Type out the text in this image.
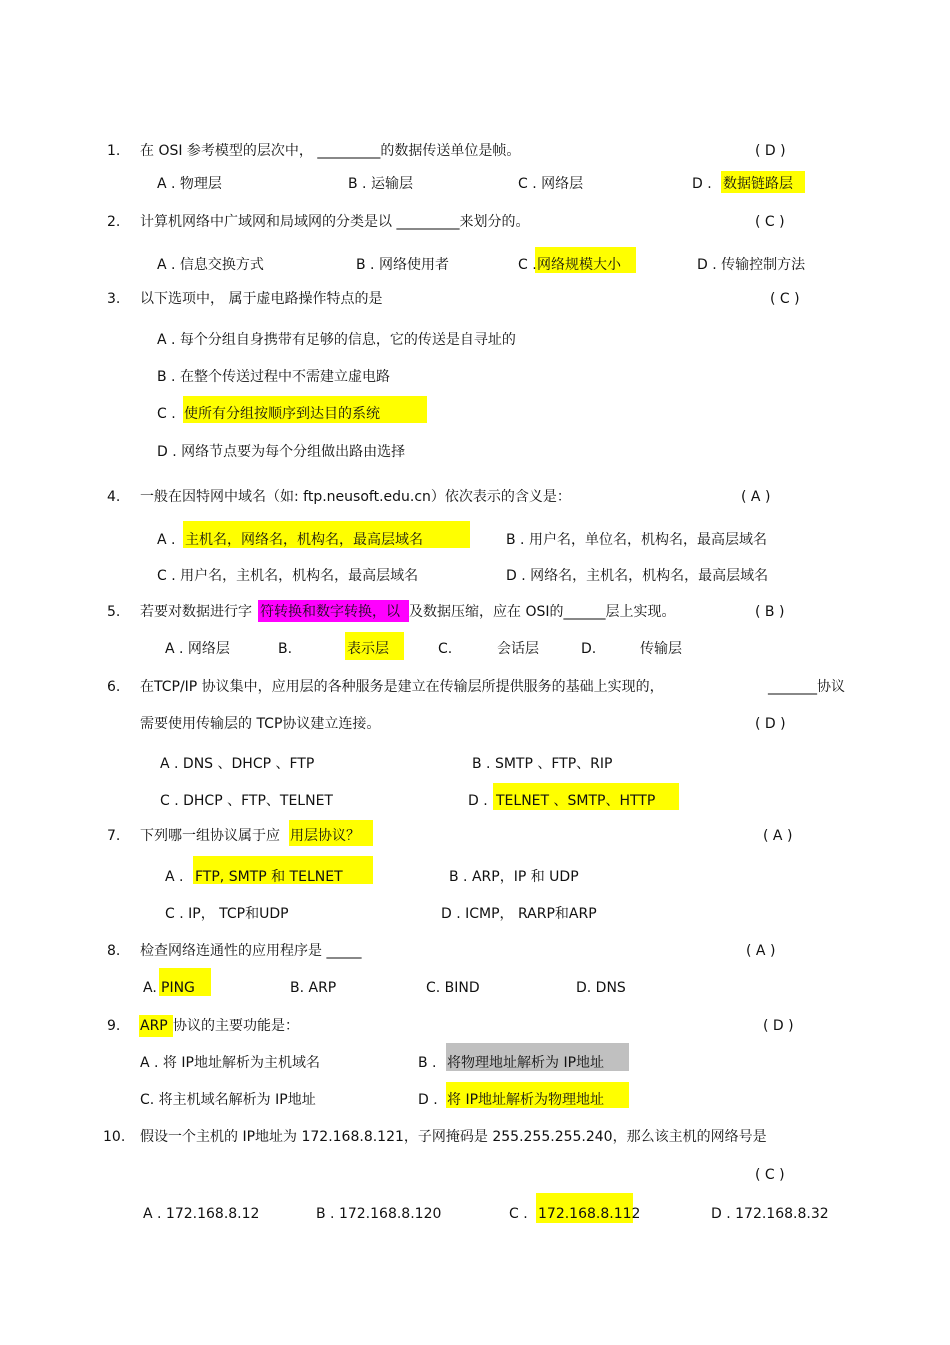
1. 在 OSI 参考模型的层次中， _________的数据传送单位是帧。	( D )
A . 物理层	B . 运输层	C . 网络层	D . 数据链路层
2. 计算机网络中广域网和局域网的分类是以 _________来划分的。	( C )
A . 信息交换方式	B . 网络使用者	C . 网络规模大小	D . 传输控制方法
3. 以下选项中， 属于虚电路操作特点的是	( C )
A . 每个分组自身携带有足够的信息，它的传送是自寻址的
B . 在整个传送过程中不需建立虚电路
C . 使所有分组按顺序到达目的系统
D . 网络节点要为每个分组做出路由选择
4. 一般在因特网中域名（如: ftp.neusoft.edu.cn）依次表示的含义是：	( A )
A . 主机名，网络名，机构名，最高层域名	B . 用户名，单位名，机构名，最高层域名
C . 用户名，主机名，机构名，最高层域名	D . 网络名，主机名，机构名，最高层域名
5. 若要对数据进行字 符转换和数字转换，以 及数据压缩，应在 OSI的______层上实现。	( B )
A . 网络层	B.	表示层	C.	会话层	D.	传输层
6. 在TCP/IP 协议集中，应用层的各种服务是建立在传输层所提供服务的基础上实现的，	_______协议
需要使用传输层的 TCP协议建立连接。	( D )
A . DNS 、DHCP 、FTP	B . SMTP 、FTP、RIP
C . DHCP 、FTP、TELNET	D . TELNET 、SMTP、HTTP
7. 下列哪一组协议属于应 用层协议？	( A )
A . FTP, SMTP 和 TELNET	B . ARP，IP 和 UDP
C . IP， TCP和UDP	D . ICMP， RARP和ARP
8. 检查网络连通性的应用程序是 _____	( A )
A. PING	B. ARP	C. BIND	D. DNS
9. ARP 协议的主要功能是：	( D )
A . 将 IP地址解析为主机域名	B . 将物理地址解析为 IP地址
C. 将主机域名解析为 IP地址	D . 将 IP地址解析为物理地址
10. 假设一个主机的 IP地址为 172.168.8.121，子网掩码是 255.255.255.240，那么该主机的网络号是
( C )
A . 172.168.8.12	B . 172.168.8.120	C . 172.168.8.112	D . 172.168.8.32
